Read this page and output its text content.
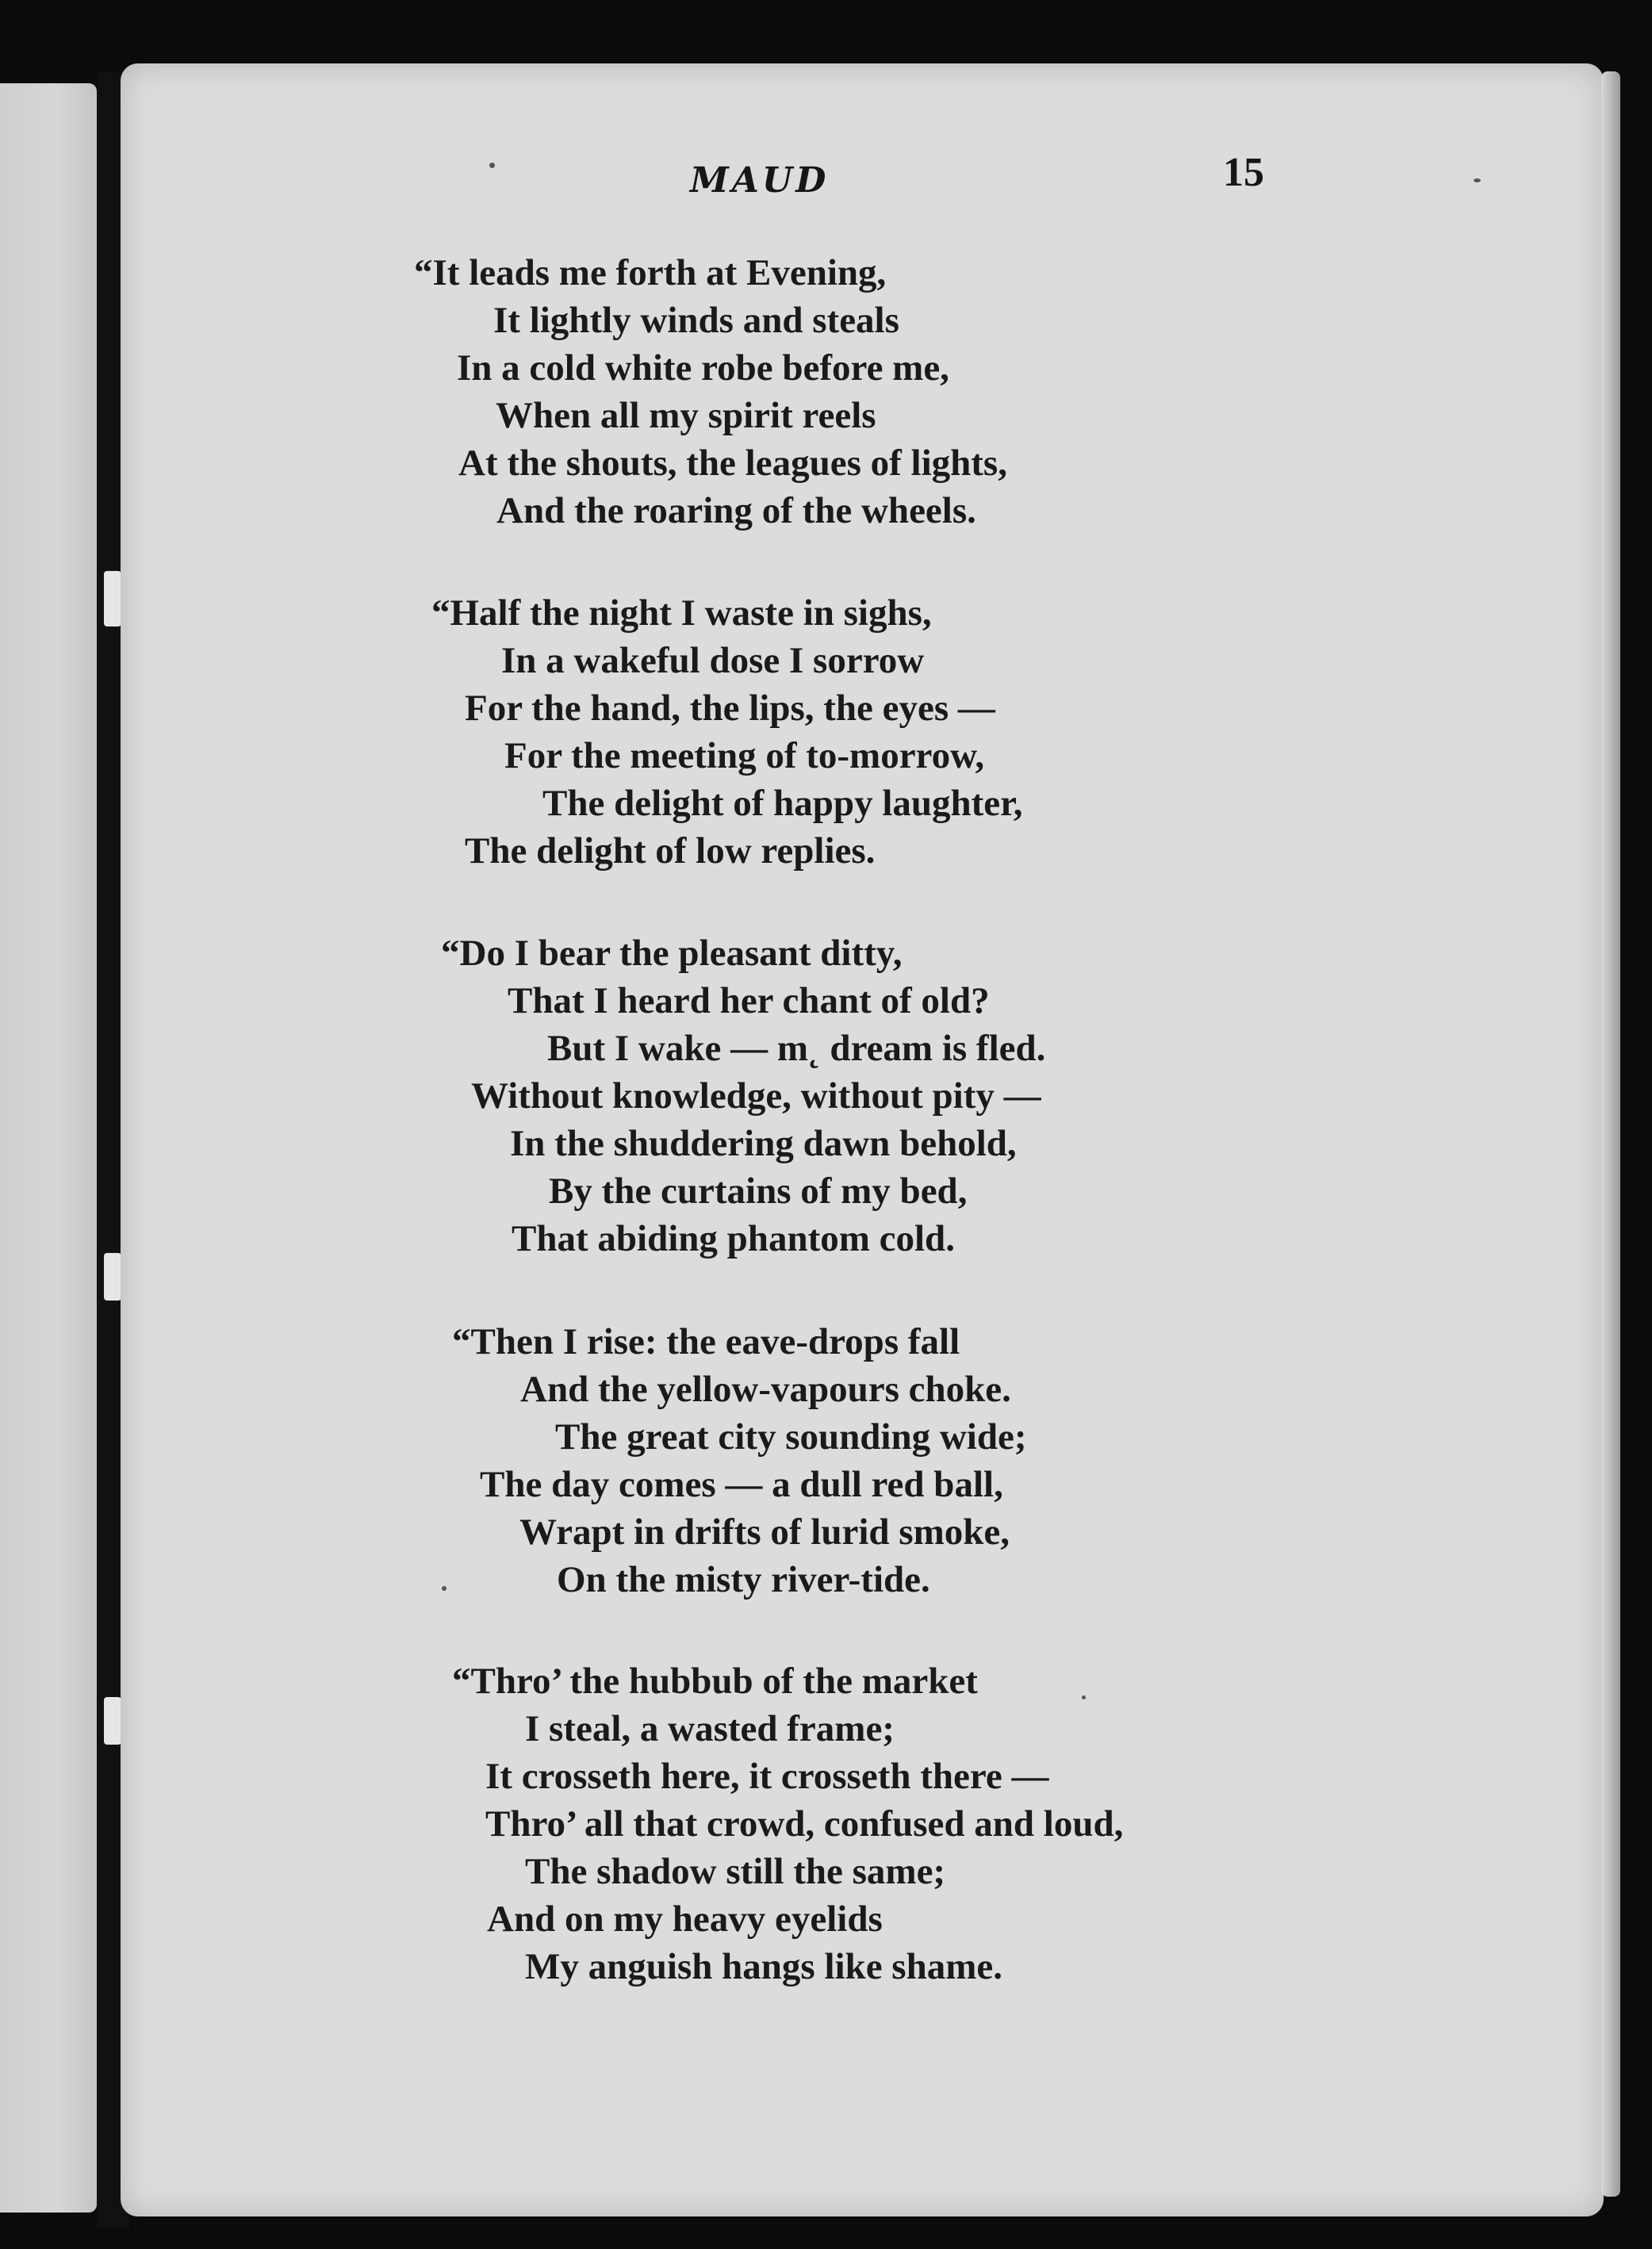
MAUD	15
“It leads me forth at Evening,
It lightly winds and steals
In a cold white robe before me,
When all my spirit reels
At the shouts, the leagues of lights,
And the roaring of the wheels.
“Half the night I waste in sighs,
In a wakeful dose I sorrow
For the hand, the lips, the eyes —
For the meeting of to-morrow,
The delight of happy laughter,
The delight of low replies.
“Do I bear the pleasant ditty,
That I heard her chant of old?
But I wake — m˛ dream is fled.
Without knowledge, without pity —
In the shuddering dawn behold,
By the curtains of my bed,
That abiding phantom cold.
“Then I rise: the eave-drops fall
And the yellow-vapours choke.
The great city sounding wide;
The day comes — a dull red ball,
Wrapt in drifts of lurid smoke,
On the misty river-tide.
“Thro’ the hubbub of the market
I steal, a wasted frame;
It crosseth here, it crosseth there —
Thro’ all that crowd, confused and loud,
The shadow still the same;
And on my heavy eyelids
My anguish hangs like shame.
